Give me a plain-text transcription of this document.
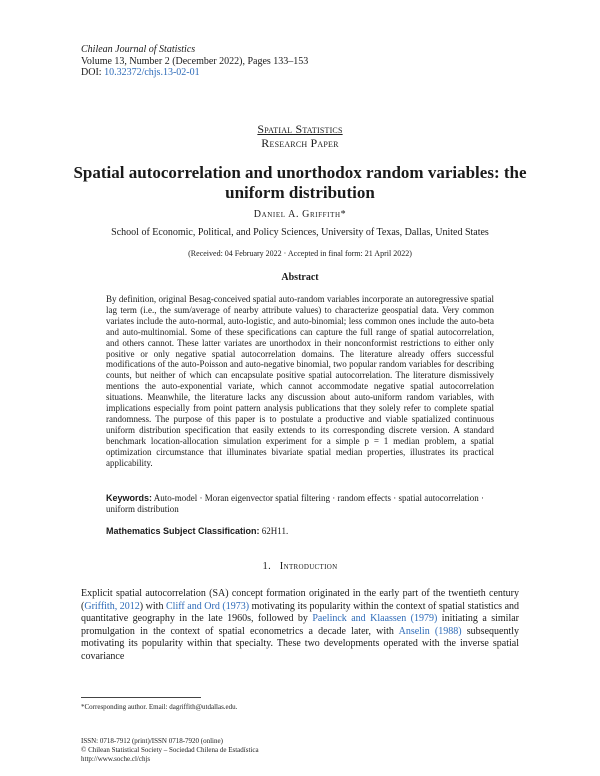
Chilean Journal of Statistics
Volume 13, Number 2 (December 2022), Pages 133–153
DOI: 10.32372/chjs.13-02-01
Spatial Statistics
Research Paper
Spatial autocorrelation and unorthodox random variables: the uniform distribution
Daniel A. Griffith*
School of Economic, Political, and Policy Sciences, University of Texas, Dallas, United States
(Received: 04 February 2022 · Accepted in final form: 21 April 2022)
Abstract
By definition, original Besag-conceived spatial auto-random variables incorporate an autoregressive spatial lag term (i.e., the sum/average of nearby attribute values) to characterize geospatial data. Very common variates include the auto-normal, auto-logistic, and auto-binomial; less common ones include the auto-beta and auto-multinomial. Some of these specifications can capture the full range of spatial autocorrelation, and others cannot. These latter variates are unorthodox in their nonconformist restrictions to either only positive or only negative spatial autocorrelation domains. The literature already offers successful modifications of the auto-Poisson and auto-negative binomial, two popular random variables for describing counts, but neither of which can encapsulate positive spatial autocorrelation. The literature dismissively mentions the auto-exponential variate, which cannot accommodate negative spatial autocorrelation situations. Meanwhile, the literature lacks any discussion about auto-uniform random variables, with implications especially from point pattern analysis publications that they solely refer to complete spatial randomness. The purpose of this paper is to postulate a productive and viable spatialized continuous uniform distribution specification that easily extends to its corresponding discrete version. A standard benchmark location-allocation simulation experiment for a simple p = 1 median problem, a spatial optimization circumstance that illuminates bivariate spatial median properties, illustrates its practical applicability.
Keywords: Auto-model · Moran eigenvector spatial filtering · random effects · spatial autocorrelation · uniform distribution
Mathematics Subject Classification: 62H11.
1. Introduction
Explicit spatial autocorrelation (SA) concept formation originated in the early part of the twentieth century (Griffith, 2012) with Cliff and Ord (1973) motivating its popularity within the context of spatial statistics and quantitative geography in the late 1960s, followed by Paelinck and Klaassen (1979) initiating a similar promulgation in the context of spatial econometrics a decade later, with Anselin (1988) subsequently motivating its popularity within that specialty. These two developments operated with the inverse spatial covariance
*Corresponding author. Email: dagriffith@utdallas.edu.
ISSN: 0718-7912 (print)/ISSN 0718-7920 (online)
© Chilean Statistical Society – Sociedad Chilena de Estadística
http://www.soche.cl/chjs
